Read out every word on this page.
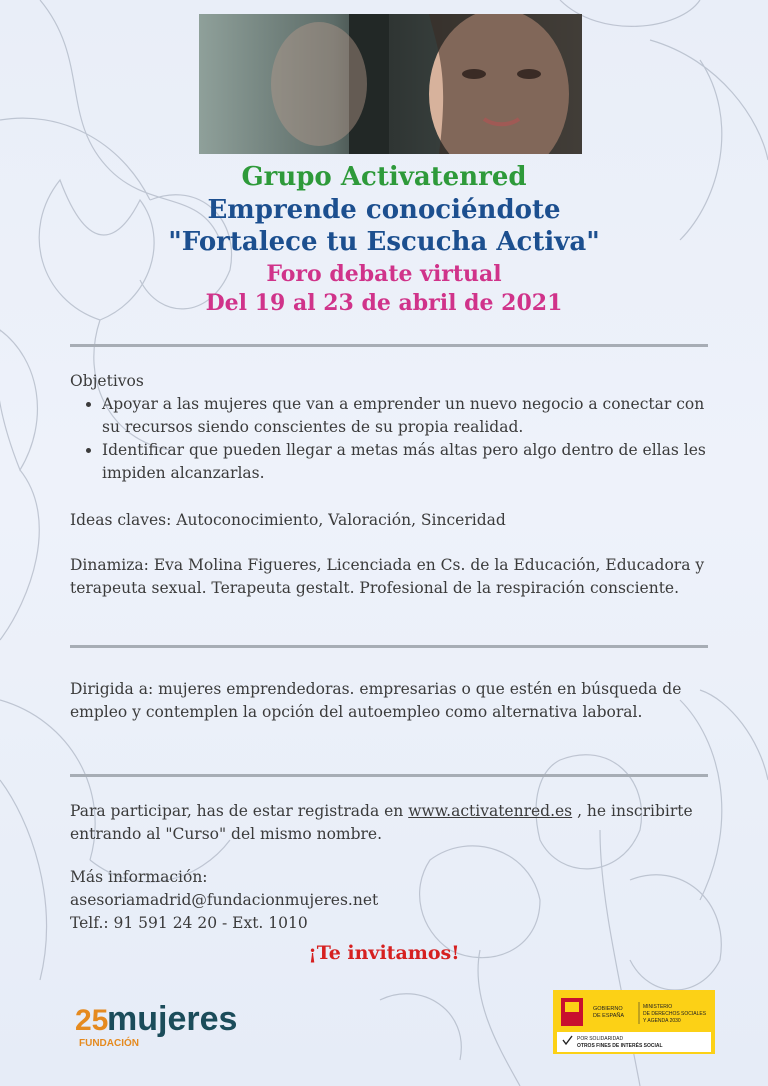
Grupo Activatenred
Emprende conociéndote
"Fortalece tu Escucha Activa"
Foro debate virtual
Del 19 al 23 de abril de 2021

Objetivos

• Apoyar a las mujeres que van a emprender un nuevo negocio a conectar con su recursos siendo conscientes de su propia realidad.
• Identificar que pueden llegar a metas más altas pero algo dentro de ellas les impiden alcanzarlas.

Ideas claves: Autoconocimiento, Valoración, Sinceridad

Dinamiza: Eva Molina Figueres, Licenciada en Cs. de la Educación, Educadora y terapeuta sexual. Terapeuta gestalt. Profesional de la respiración consciente.

Dirigida a: mujeres emprendedoras. empresarias o que estén en búsqueda de empleo y contemplen la opción del autoempleo como alternativa laboral.

Para participar, has de estar registrada en www.activatenred.es , he inscribirte entrando al "Curso" del mismo nombre.

Más información:

asesoriamadrid@fundacionmujeres.net

Telf.: 91 591 24 20 - Ext. 1010

¡Te invitamos!
25
mujeres
FUNDACIÓN
GOBIERNO
DE ESPAÑA
MINISTERIO
DE DERECHOS SOCIALES
Y AGENDA 2030
POR SOLIDARIDAD
OTROS FINES DE INTERÉS SOCIAL
